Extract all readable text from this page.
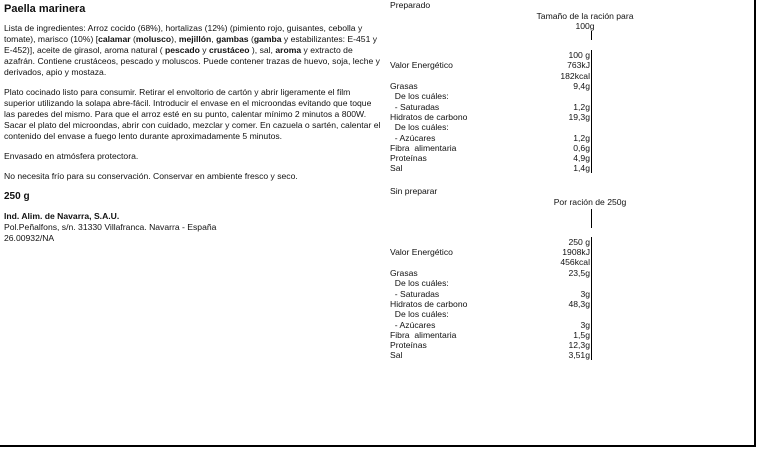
Paella marinera

Lista de ingredientes: Arroz cocido (68%), hortalizas (12%) (pimiento rojo, guisantes, cebolla y tomate), marisco (10%) [calamar (molusco), mejillón, gambas (gamba y estabilizantes: E-451 y E-452)], aceite de girasol, aroma natural ( pescado y crustáceo ), sal, aroma y extracto de azafrán. Contiene crustáceos, pescado y moluscos. Puede contener trazas de huevo, soja, leche y derivados, apio y mostaza.

Plato cocinado listo para consumir. Retirar el envoltorio de cartón y abrir ligeramente el film superior utilizando la solapa abre-fácil. Introducir el envase en el microondas evitando que toque las paredes del mismo. Para que el arroz esté en su punto, calentar mínimo 2 minutos a 800W. Sacar el plato del microondas, abrir con cuidado, mezclar y comer. En cazuela o sartén, calentar el contenido del envase a fuego lento durante aproximadamente 5 minutos.

Envasado en atmósfera protectora.

No necesita frío para su conservación. Conservar en ambiente fresco y seco.

250 g
Ind. Alim. de Navarra, S.A.U.
Pol.Peñalfons, s/n. 31330 Villafranca. Navarra - España
26.00932/NA
Preparado
Tamaño de la ración para
100g
100 g
Valor Energético	763kJ
182kcal
Grasas	9,4g
De los cuáles:
- Saturadas	1,2g
Hidratos de carbono	19,3g
De los cuáles:
- Azúcares	1,2g
Fibra  alimentaria	0,6g
Proteínas	4,9g
Sal	1,4g
Sin preparar
Por ración de 250g
250 g
Valor Energético	1908kJ
456kcal
Grasas	23,5g
De los cuáles:
- Saturadas	3g
Hidratos de carbono	48,3g
De los cuáles:
- Azúcares	3g
Fibra  alimentaria	1,5g
Proteínas	12,3g
Sal	3,51g
